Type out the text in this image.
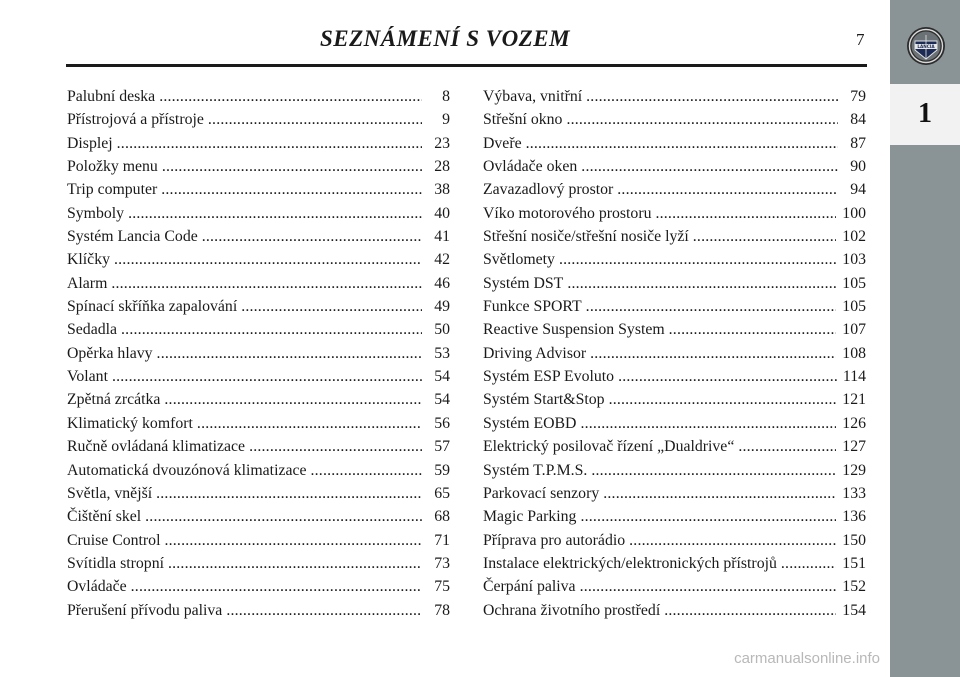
SEZNÁMENÍ S VOZEM	7	LANCIA
1
Palubní deska .....	8
Přístrojová a přístroje .....	9
Displej .....	23
Položky menu .....	28
Trip computer .....	38
Symboly .....	40
Systém Lancia Code .....	41
Klíčky .....	42
Alarm .....	46
Spínací skříňka zapalování .....	49
Sedadla .....	50
Opěrka hlavy .....	53
Volant .....	54
Zpětná zrcátka .....	54
Klimatický komfort .....	56
Ručně ovládaná klimatizace .....	57
Automatická dvouzónová klimatizace .....	59
Světla, vnější .....	65
Čištění skel .....	68
Cruise Control .....	71
Svítidla stropní .....	73
Ovládače .....	75
Přerušení přívodu paliva .....	78
Výbava, vnitřní .....	79
Střešní okno .....	84
Dveře .....	87
Ovládače oken .....	90
Zavazadlový prostor .....	94
Víko motorového prostoru .....	100
Střešní nosiče/střešní nosiče lyží .....	102
Světlomety .....	103
Systém DST .....	105
Funkce SPORT .....	105
Reactive Suspension System .....	107
Driving Advisor .....	108
Systém ESP Evoluto .....	114
Systém Start&Stop .....	121
Systém EOBD .....	126
Elektrický posilovač řízení „Dualdrive“ .....	127
Systém T.P.M.S. .....	129
Parkovací senzory .....	133
Magic Parking .....	136
Příprava pro autorádio .....	150
Instalace elektrických/elektronických přístrojů .....	151
Čerpání paliva .....	152
Ochrana životního prostředí .....	154
carmanualsonline.info
